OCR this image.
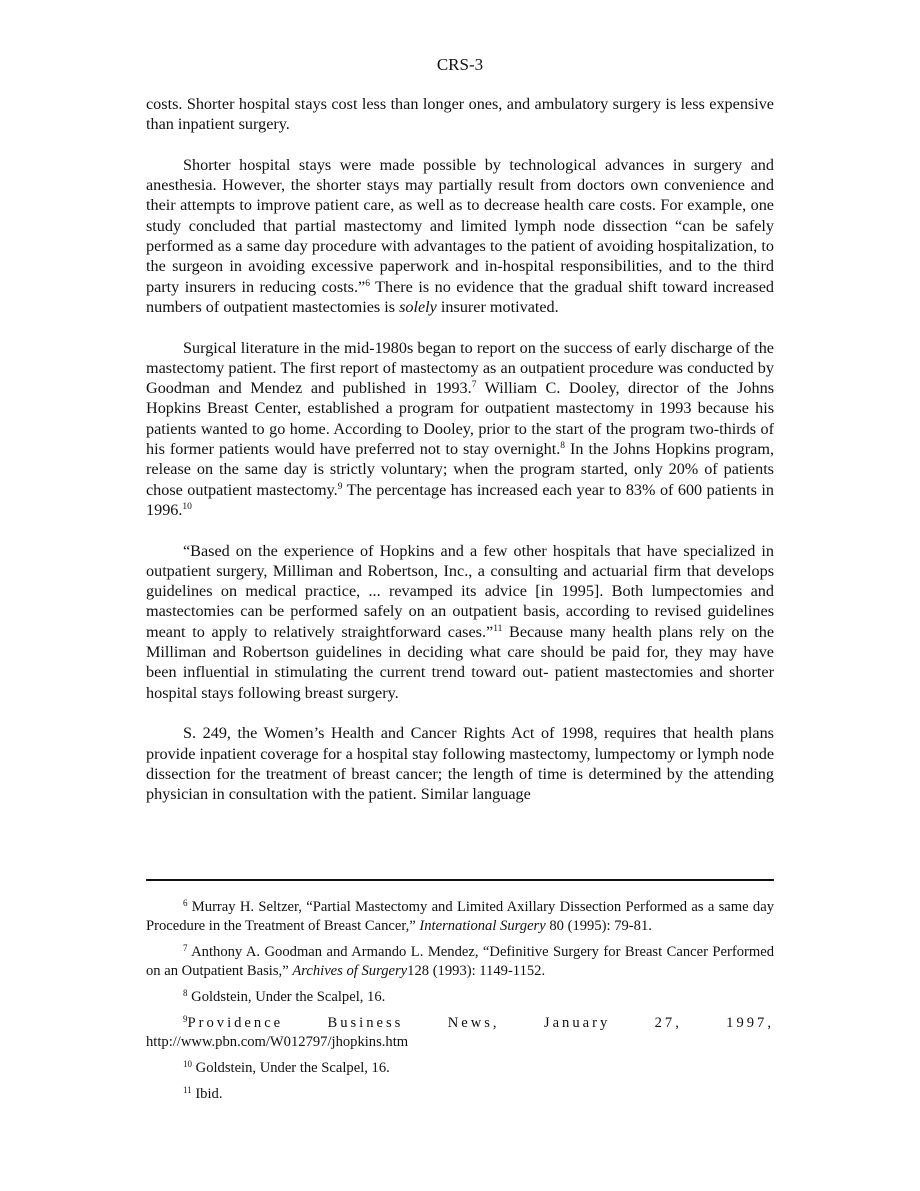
CRS-3

costs. Shorter hospital stays cost less than longer ones, and ambulatory surgery is less expensive than inpatient surgery.

Shorter hospital stays were made possible by technological advances in surgery and anesthesia. However, the shorter stays may partially result from doctors own convenience and their attempts to improve patient care, as well as to decrease health care costs. For example, one study concluded that partial mastectomy and limited lymph node dissection “can be safely performed as a same day procedure with advantages to the patient of avoiding hospitalization, to the surgeon in avoiding excessive paperwork and in-hospital responsibilities, and to the third party insurers in reducing costs.”$^6$ There is no evidence that the gradual shift toward increased numbers of outpatient mastectomies is solely insurer motivated.

Surgical literature in the mid-1980s began to report on the success of early discharge of the mastectomy patient. The first report of mastectomy as an outpatient procedure was conducted by Goodman and Mendez and published in 1993.$^7$ William C. Dooley, director of the Johns Hopkins Breast Center, established a program for outpatient mastectomy in 1993 because his patients wanted to go home. According to Dooley, prior to the start of the program two-thirds of his former patients would have preferred not to stay overnight.$^8$ In the Johns Hopkins program, release on the same day is strictly voluntary; when the program started, only 20% of patients chose outpatient mastectomy.$^9$ The percentage has increased each year to 83% of 600 patients in 1996.10

“Based on the experience of Hopkins and a few other hospitals that have specialized in outpatient surgery, Milliman and Robertson, Inc., a consulting and actuarial firm that develops guidelines on medical practice, ... revamped its advice [in 1995]. Both lumpectomies and mastectomies can be performed safely on an outpatient basis, according to revised guidelines meant to apply to relatively straightforward cases.”$^{11}$ Because many health plans rely on the Milliman and Robertson guidelines in deciding what care should be paid for, they may have been influential in stimulating the current trend toward out- patient mastectomies and shorter hospital stays following breast surgery.

S. 249, the Women’s Health and Cancer Rights Act of 1998, requires that health plans provide inpatient coverage for a hospital stay following mastectomy, lumpectomy or lymph node dissection for the treatment of breast cancer; the length of time is determined by the attending physician in consultation with the patient. Similar language

$^6$ Murray H. Seltzer, “Partial Mastectomy and Limited Axillary Dissection Performed as a same day Procedure in the Treatment of Breast Cancer,” International Surgery 80 (1995): 79-81.

$^7$ Anthony A. Goodman and Armando L. Mendez, “Definitive Surgery for Breast Cancer Performed on an Outpatient Basis,” Archives of Surgery128 (1993): 1149-1152.

$^8$ Goldstein, Under the Scalpel, 16.

$^9$Providence	Business	News,	January	27,	1997,
http://www.pbn.com/W012797/jhopkins.htm

$^{10}$ Goldstein, Under the Scalpel, 16.

$^{11}$ Ibid.
